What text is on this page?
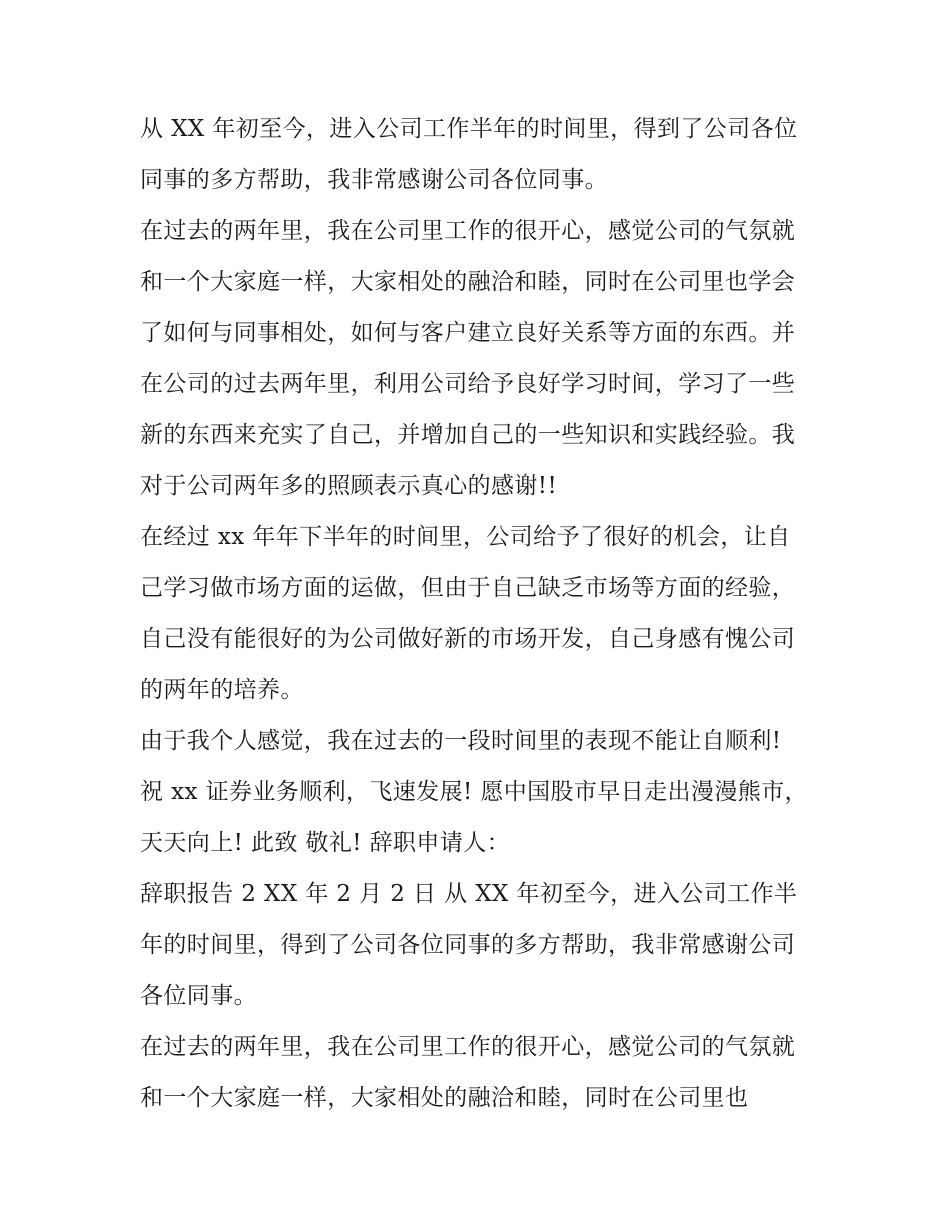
从 XX 年初至今，进入公司工作半年的时间里，得到了公司各位同事的多方帮助，我非常感谢公司各位同事。

在过去的两年里，我在公司里工作的很开心，感觉公司的气氛就和一个大家庭一样，大家相处的融洽和睦，同时在公司里也学会了如何与同事相处，如何与客户建立良好关系等方面的东西。并在公司的过去两年里，利用公司给予良好学习时间，学习了一些新的东西来充实了自己，并增加自己的一些知识和实践经验。我对于公司两年多的照顾表示真心的感谢!!

在经过 xx 年年下半年的时间里，公司给予了很好的机会，让自己学习做市场方面的运做，但由于自己缺乏市场等方面的经验，自己没有能很好的为公司做好新的市场开发，自己身感有愧公司的两年的培养。

由于我个人感觉，我在过去的一段时间里的表现不能让自顺利! 祝 xx 证券业务顺利，飞速发展! 愿中国股市早日走出漫漫熊市，天天向上! 此致 敬礼! 辞职申请人：

辞职报告 2 XX 年 2 月 2 日 从 XX 年初至今，进入公司工作半年的时间里，得到了公司各位同事的多方帮助，我非常感谢公司各位同事。

在过去的两年里，我在公司里工作的很开心，感觉公司的气氛就和一个大家庭一样，大家相处的融洽和睦，同时在公司里也
